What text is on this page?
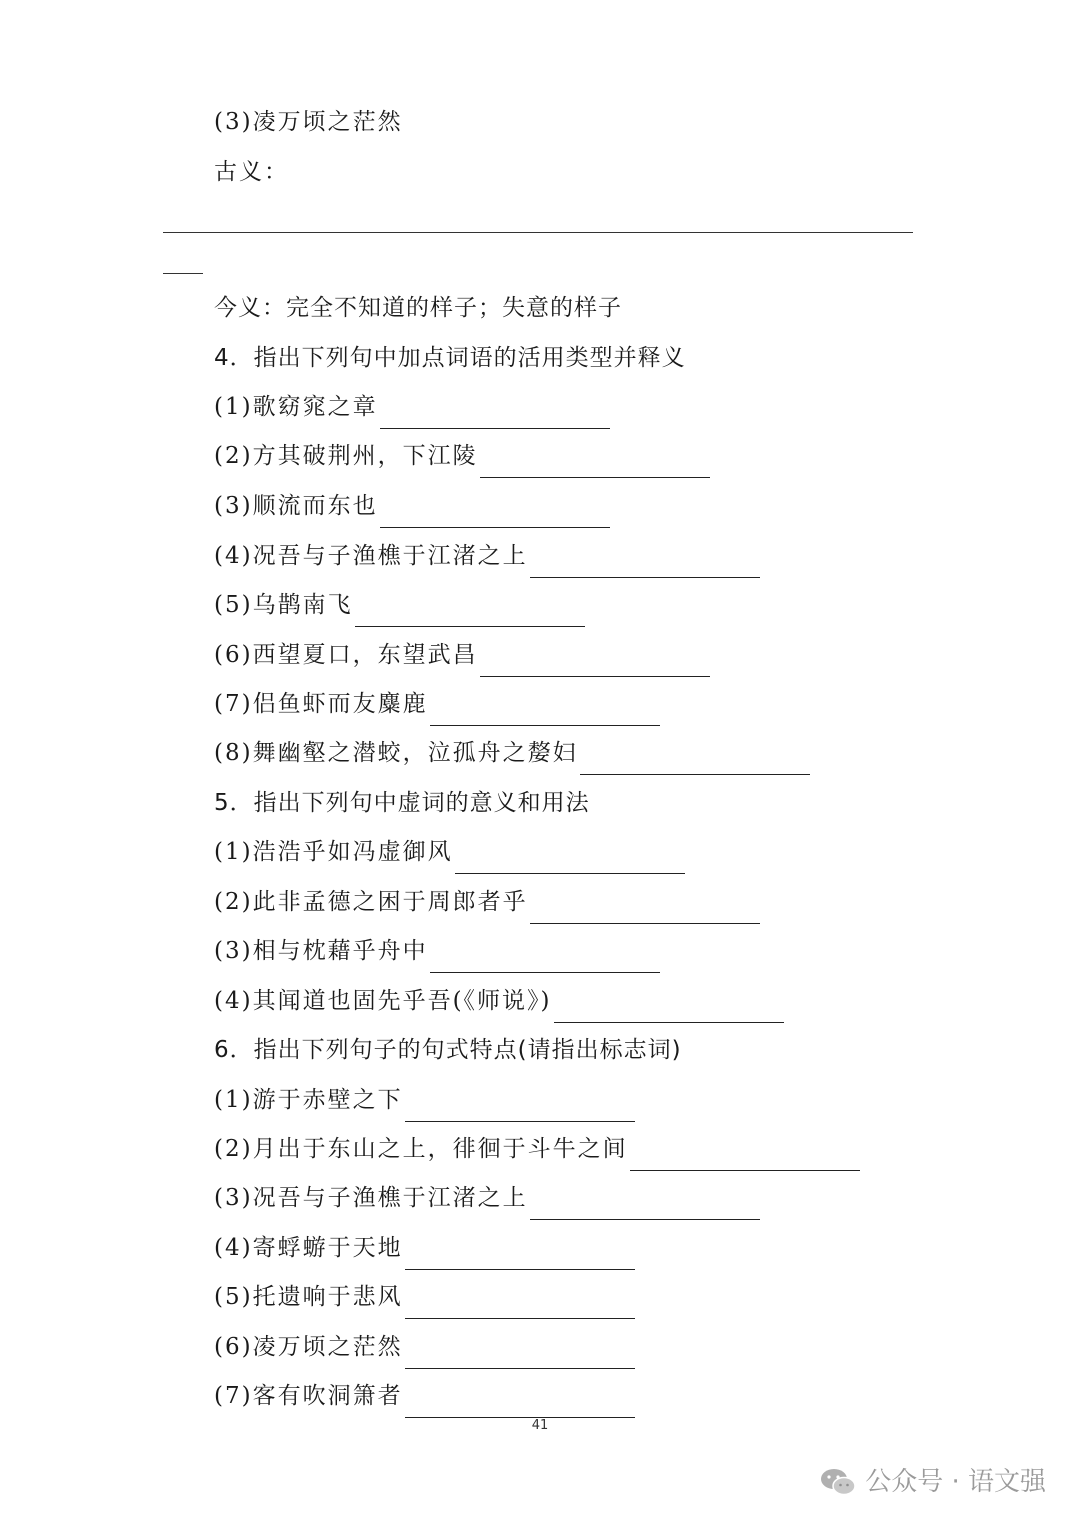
(3)凌万顷之茫然
古义：
今义：完全不知道的样子；失意的样子
4．指出下列句中加点词语的活用类型并释义
(1)歌窈窕之章
(2)方其破荆州，下江陵
(3)顺流而东也
(4)况吾与子渔樵于江渚之上
(5)乌鹊南飞
(6)西望夏口，东望武昌
(7)侣鱼虾而友麋鹿
(8)舞幽壑之潜蛟，泣孤舟之嫠妇
5．指出下列句中虚词的意义和用法
(1)浩浩乎如冯虚御风
(2)此非孟德之困于周郎者乎
(3)相与枕藉乎舟中
(4)其闻道也固先乎吾(《师说》)
6．指出下列句子的句式特点(请指出标志词)
(1)游于赤壁之下
(2)月出于东山之上，徘徊于斗牛之间
(3)况吾与子渔樵于江渚之上
(4)寄蜉蝣于天地
(5)托遗响于悲风
(6)凌万顷之茫然
(7)客有吹洞箫者
41
公众号 · 语文强
